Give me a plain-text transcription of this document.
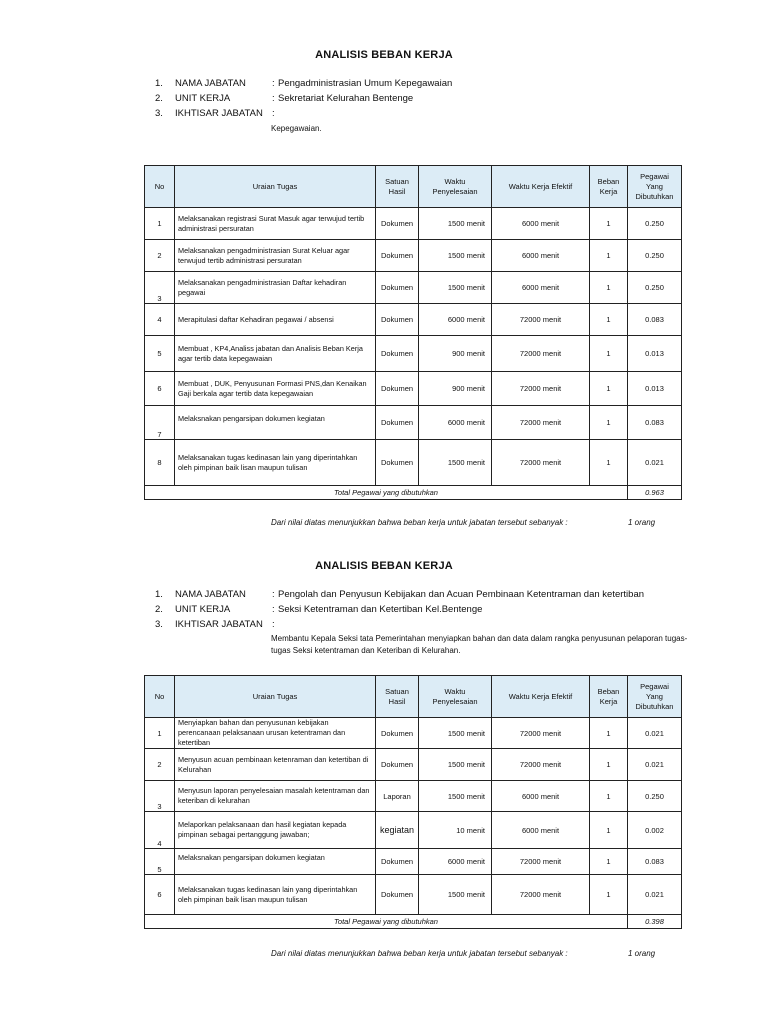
ANALISIS BEBAN KERJA
1.	NAMA JABATAN	: Pengadministrasian Umum Kepegawaian
2.	UNIT KERJA	: Sekretariat Kelurahan Bentenge
3.	IKHTISAR JABATAN :
Kepegawaian.
No	Uraian Tugas	Satuan Hasil	Waktu Penyelesaian	Waktu Kerja Efektif	Beban Kerja	Pegawai Yang Dibutuhkan
1	Melaksanakan registrasi Surat Masuk agar terwujud tertib administrasi persuratan	Dokumen	1500 menit	6000 menit	1	0.250
2	Melaksanakan pengadministrasian Surat Keluar agar terwujud tertib administrasi persuratan	Dokumen	1500 menit	6000 menit	1	0.250
3	Melaksanakan pengadministrasian Daftar kehadiran pegawai	Dokumen	1500 menit	6000 menit	1	0.250
4	Merapitulasi daftar Kehadiran pegawai / absensi	Dokumen	6000 menit	72000 menit	1	0.083
5	Membuat , KP4,Analiss jabatan dan Analisis Beban Kerja agar tertib data kepegawaian	Dokumen	900 menit	72000 menit	1	0.013
6	Membuat , DUK, Penyusunan Formasi PNS,dan Kenaikan Gaji berkala agar tertib data kepegawaian	Dokumen	900 menit	72000 menit	1	0.013
7	Melaksnakan pengarsipan dokumen kegiatan	Dokumen	6000 menit	72000 menit	1	0.083
8	Melaksanakan tugas kedinasan lain yang diperintahkan oleh pimpinan baik lisan maupun tulisan	Dokumen	1500 menit	72000 menit	1	0.021
Total Pegawai yang dibutuhkan						0.963
Dari nilai diatas menunjukkan bahwa beban kerja untuk jabatan tersebut sebanyak :	1 orang
ANALISIS BEBAN KERJA
1.	NAMA JABATAN	: Pengolah dan Penyusun Kebijakan dan Acuan Pembinaan Ketentraman dan ketertiban
2.	UNIT KERJA	: Seksi Ketentraman dan Ketertiban Kel.Bentenge
3.	IKHTISAR JABATAN :
Membantu Kepala Seksi tata Pemerintahan menyiapkan bahan dan data dalam rangka penyusunan pelaporan tugas-tugas Seksi ketentraman dan Keteriban di Kelurahan.
No	Uraian Tugas	Satuan Hasil	Waktu Penyelesaian	Waktu Kerja Efektif	Beban Kerja	Pegawai Yang Dibutuhkan
1	Menyiapkan bahan dan penyusunan kebijakan perencanaan pelaksanaan urusan ketentraman dan ketertiban	Dokumen	1500 menit	72000 menit	1	0.021
2	Menyusun acuan pembinaan ketenraman dan ketertiban di Kelurahan	Dokumen	1500 menit	72000 menit	1	0.021
3	Menyusun laporan penyelesaian masalah ketentraman dan keteriban di kelurahan	Laporan	1500 menit	6000 menit	1	0.250
4	Melaporkan pelaksanaan dan hasil kegiatan kepada pimpinan sebagai pertanggung jawaban;	kegiatan	10 menit	6000 menit	1	0.002
5	Melaksnakan pengarsipan dokumen kegiatan	Dokumen	6000 menit	72000 menit	1	0.083
6	Melaksanakan tugas kedinasan lain yang diperintahkan oleh pimpinan baik lisan maupun tulisan	Dokumen	1500 menit	72000 menit	1	0.021
Total Pegawai yang dibutuhkan						0.398
Dari nilai diatas menunjukkan bahwa beban kerja untuk jabatan tersebut sebanyak :	1 orang
